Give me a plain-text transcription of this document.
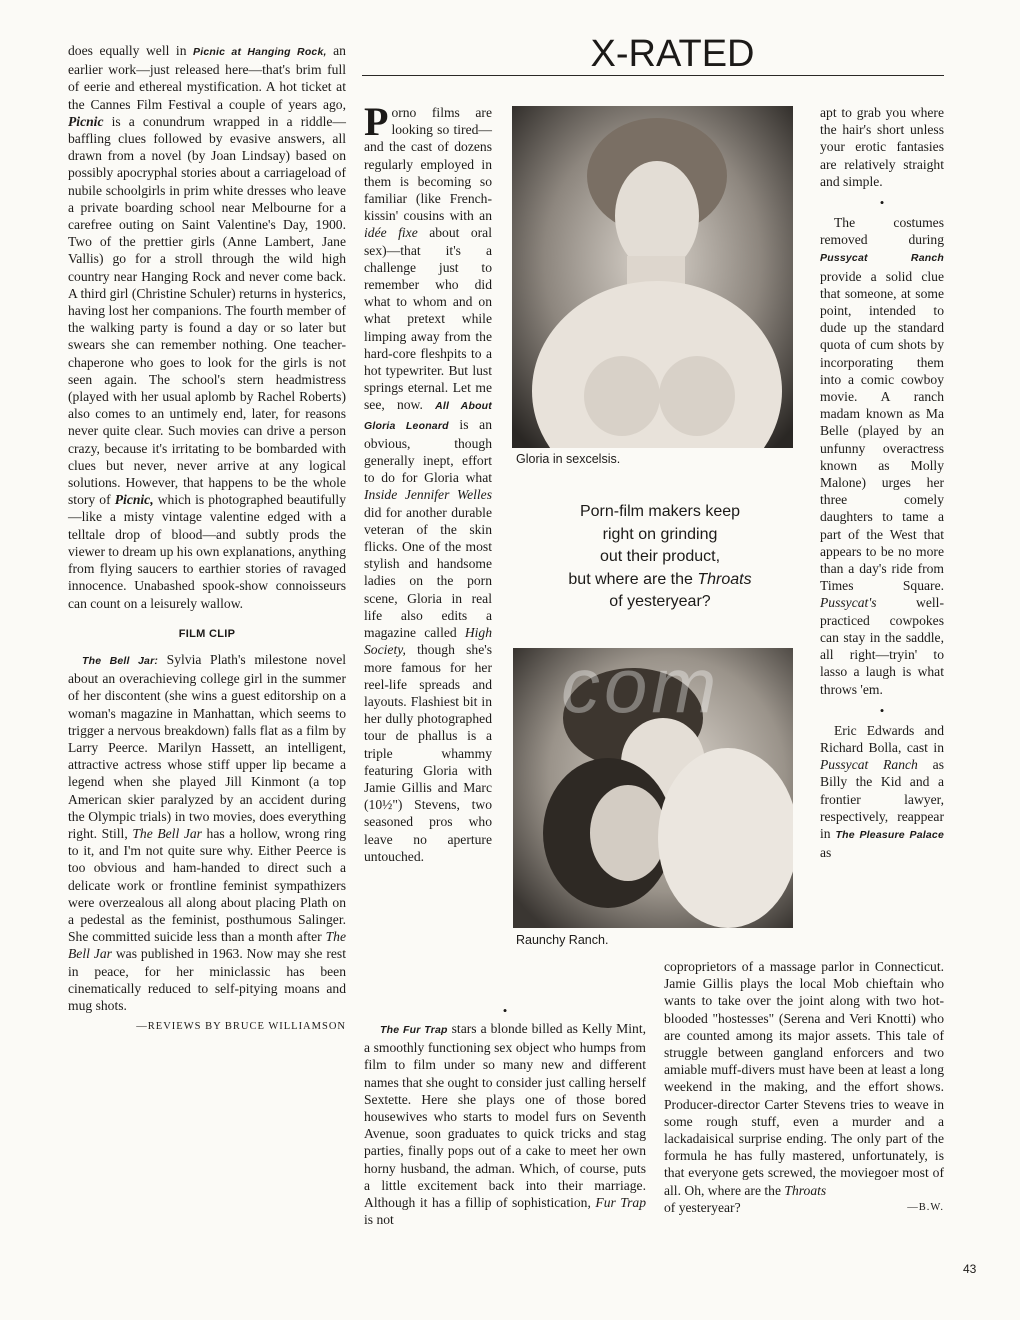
X-RATED

does equally well in Picnic at Hanging Rock, an earlier work—just released here—that's brim full of eerie and ethereal mystification. A hot ticket at the Cannes Film Festival a couple of years ago, Picnic is a conundrum wrapped in a riddle—baffling clues followed by evasive answers, all drawn from a novel (by Joan Lindsay) based on possibly apocryphal stories about a carriageload of nubile schoolgirls in prim white dresses who leave a private boarding school near Melbourne for a carefree outing on Saint Valentine's Day, 1900. Two of the prettier girls (Anne Lambert, Jane Vallis) go for a stroll through the wild high country near Hanging Rock and never come back. A third girl (Christine Schuler) returns in hysterics, having lost her companions. The fourth member of the walking party is found a day or so later but swears she can remember nothing. One teacher-chaperone who goes to look for the girls is not seen again. The school's stern headmistress (played with her usual aplomb by Rachel Roberts) also comes to an untimely end, later, for reasons never quite clear. Such movies can drive a person crazy, because it's irritating to be bombarded with clues but never, never arrive at any logical solutions. However, that happens to be the whole story of Picnic, which is photographed beautifully—like a misty vintage valentine edged with a telltale drop of blood—and subtly prods the viewer to dream up his own explanations, anything from flying saucers to earthier stories of ravaged innocence. Unabashed spook-show connoisseurs can count on a leisurely wallow.

FILM CLIP

The Bell Jar: Sylvia Plath's milestone novel about an overachieving college girl in the summer of her discontent (she wins a guest editorship on a woman's magazine in Manhattan, which seems to trigger a nervous breakdown) falls flat as a film by Larry Peerce. Marilyn Hassett, an intelligent, attractive actress whose stiff upper lip became a legend when she played Jill Kinmont (a top American skier paralyzed by an accident during the Olympic trials) in two movies, does everything right. Still, The Bell Jar has a hollow, wrong ring to it, and I'm not quite sure why. Either Peerce is too obvious and ham-handed to direct such a delicate work or frontline feminist sympathizers were overzealous all along about placing Plath on a pedestal as the feminist, posthumous Salinger. She committed suicide less than a month after The Bell Jar was published in 1963. Now may she rest in peace, for her miniclassic has been cinematically reduced to self-pitying moans and mug shots.

—REVIEWS BY BRUCE WILLIAMSON

Porno films are looking so tired—and the cast of dozens regularly employed in them is becoming so familiar (like French-kissin' cousins with an idée fixe about oral sex)—that it's a challenge just to remember who did what to whom and on what pretext while limping away from the hard-core fleshpits to a hot typewriter. But lust springs eternal. Let me see, now. All About Gloria Leonard is an obvious, though generally inept, effort to do for Gloria what Inside Jennifer Welles did for another durable veteran of the skin flicks. One of the most stylish and handsome ladies on the porn scene, Gloria in real life also edits a magazine called High Society, though she's more famous for her reel-life spreads and layouts. Flashiest bit in her dully photographed tour de phallus is a triple whammy featuring Gloria with Jamie Gillis and Marc (10½") Stevens, two seasoned pros who leave no aperture untouched.

•

The Fur Trap stars a blonde billed as Kelly Mint, a smoothly functioning sex object who humps from film to film under so many new and different names that she ought to consider just calling herself Sextette. Here she plays one of those bored housewives who starts to model furs on Seventh Avenue, soon graduates to quick tricks and stag parties, finally pops out of a cake to meet her own horny husband, the adman. Which, of course, puts a little excitement back into their marriage. Although it has a fillip of sophistication, Fur Trap is not

Gloria in sexcelsis.
Porn-film makers keep
right on grinding
out their product,
but where are the Throats
of yesteryear?
com
Raunchy Ranch.

apt to grab you where the hair's short unless your erotic fantasies are relatively straight and simple.

•

The costumes removed during Pussycat Ranch provide a solid clue that someone, at some point, intended to dude up the standard quota of cum shots by incorporating them into a comic cowboy movie. A ranch madam known as Ma Belle (played by an unfunny overactress known as Molly Malone) urges her three comely daughters to tame a part of the West that appears to be no more than a day's ride from Times Square. Pussycat's well-practiced cowpokes can stay in the saddle, all right—tryin' to lasso a laugh is what throws 'em.

•

Eric Edwards and Richard Bolla, cast in Pussycat Ranch as Billy the Kid and a frontier lawyer, respectively, reappear in The Pleasure Palace as

coproprietors of a massage parlor in Connecticut. Jamie Gillis plays the local Mob chieftain who wants to take over the joint along with two hot-blooded "hostesses" (Serena and Veri Knotti) who are counted among its major assets. This tale of struggle between gangland enforcers and two amiable muff-divers must have been at least a long weekend in the making, and the effort shows. Producer-director Carter Stevens tries to weave in some rough stuff, even a murder and a lackadaisical surprise ending. The only part of the formula he has fully mastered, unfortunately, is that everyone gets screwed, the moviegoer most of all. Oh, where are the Throats

of yesteryear?	—B.W.
43
